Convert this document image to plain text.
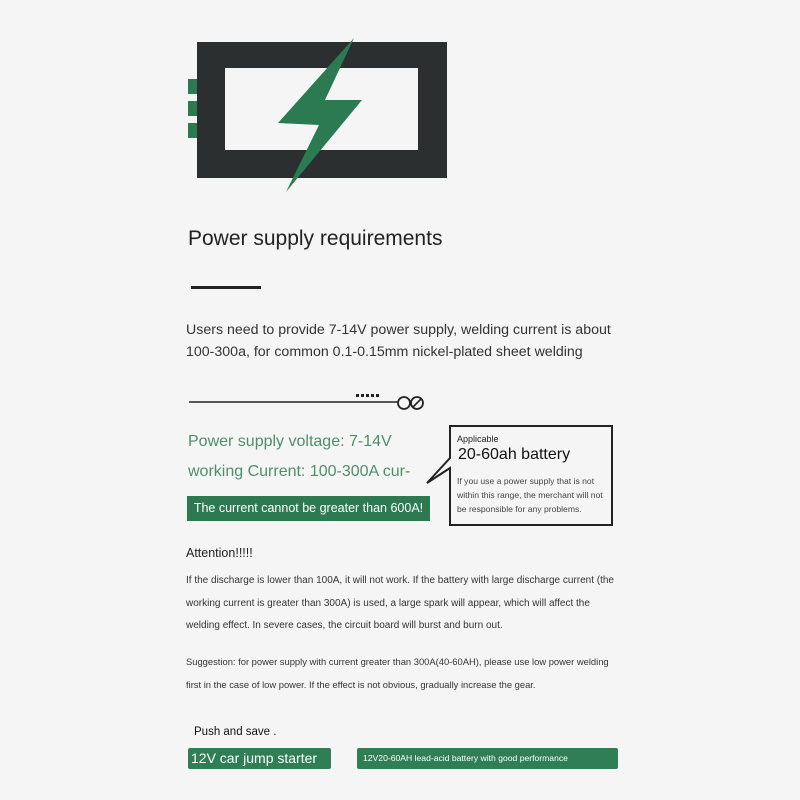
Power supply requirements
Users need to provide 7-14V power supply, welding current is about 100-300a, for common 0.1-0.15mm nickel-plated sheet welding
Power supply voltage: 7-14V
working Current: 100-300A cur-
The current cannot be greater than 600A!
Applicable
20-60ah battery
If you use a power supply that is not within this range, the merchant will not be responsible for any problems.
Attention!!!!!
If the discharge is lower than 100A, it will not work. If the battery with large discharge current (the working current is greater than 300A) is used, a large spark will appear, which will affect the welding effect. In severe cases, the circuit board will burst and burn out.
Suggestion: for power supply with current greater than 300A(40-60AH), please use low power welding first in the case of low power. If the effect is not obvious, gradually increase the gear.
Push and save .
12V car jump starter	12V20-60AH lead-acid battery with good performance
